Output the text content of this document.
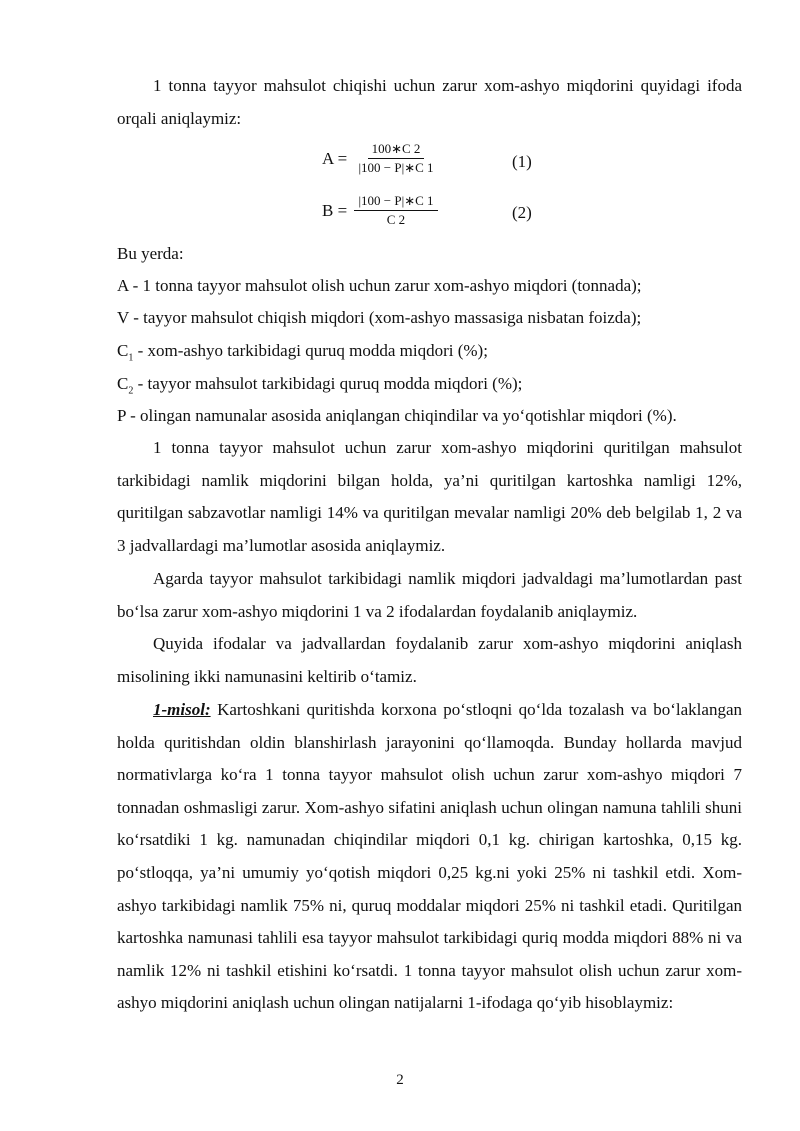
1 tonna tayyor mahsulot chiqishi uchun zarur xom-ashyo miqdorini quyidagi ifoda orqali aniqlaymiz:

$A = \frac{100∗C 2}{|100 - P|∗C 1}$	(1)
$B = \frac{|100 - P|∗C 1}{C 2}$	(2)
Bu yerda:
A - 1 tonna tayyor mahsulot olish uchun zarur xom-ashyo miqdori (tonnada);
V - tayyor mahsulot chiqish miqdori (xom-ashyo massasiga nisbatan foizda);
$C_1$ - xom-ashyo tarkibidagi quruq modda miqdori (%);
$C_2$ - tayyor mahsulot tarkibidagi quruq modda miqdori (%);
P - olingan namunalar asosida aniqlangan chiqindilar va yo‘qotishlar miqdori (%).

1 tonna tayyor mahsulot uchun zarur xom-ashyo miqdorini quritilgan mahsulot tarkibidagi namlik miqdorini bilgan holda, ya’ni quritilgan kartoshka namligi 12%, quritilgan sabzavotlar namligi 14% va quritilgan mevalar namligi 20% deb belgilab 1, 2 va 3 jadvallardagi ma’lumotlar asosida aniqlaymiz.

Agarda tayyor mahsulot tarkibidagi namlik miqdori jadvaldagi ma’lumotlardan past bo‘lsa zarur xom-ashyo miqdorini 1 va 2 ifodalardan foydalanib aniqlaymiz.

Quyida ifodalar va jadvallardan foydalanib zarur xom-ashyo miqdorini aniqlash misolining ikki namunasini keltirib o‘tamiz.

1-misol: Kartoshkani quritishda korxona po‘stloqni qo‘lda tozalash va bo‘laklangan holda quritishdan oldin blanshirlash jarayonini qo‘llamoqda. Bunday hollarda mavjud normativlarga ko‘ra 1 tonna tayyor mahsulot olish uchun zarur xom-ashyo miqdori 7 tonnadan oshmasligi zarur. Xom-ashyo sifatini aniqlash uchun olingan namuna tahlili shuni ko‘rsatdiki 1 kg. namunadan chiqindilar miqdori 0,1 kg. chirigan kartoshka, 0,15 kg. po‘stloqqa, ya’ni umumiy yo‘qotish miqdori 0,25 kg.ni yoki 25% ni tashkil etdi. Xom-ashyo tarkibidagi namlik 75% ni, quruq moddalar miqdori 25% ni tashkil etadi. Quritilgan kartoshka namunasi tahlili esa tayyor mahsulot tarkibidagi quriq modda miqdori 88% ni va namlik 12% ni tashkil etishini ko‘rsatdi. 1 tonna tayyor mahsulot olish uchun zarur xom-ashyo miqdorini aniqlash uchun olingan natijalarni 1-ifodaga qo‘yib hisoblaymiz:

2
